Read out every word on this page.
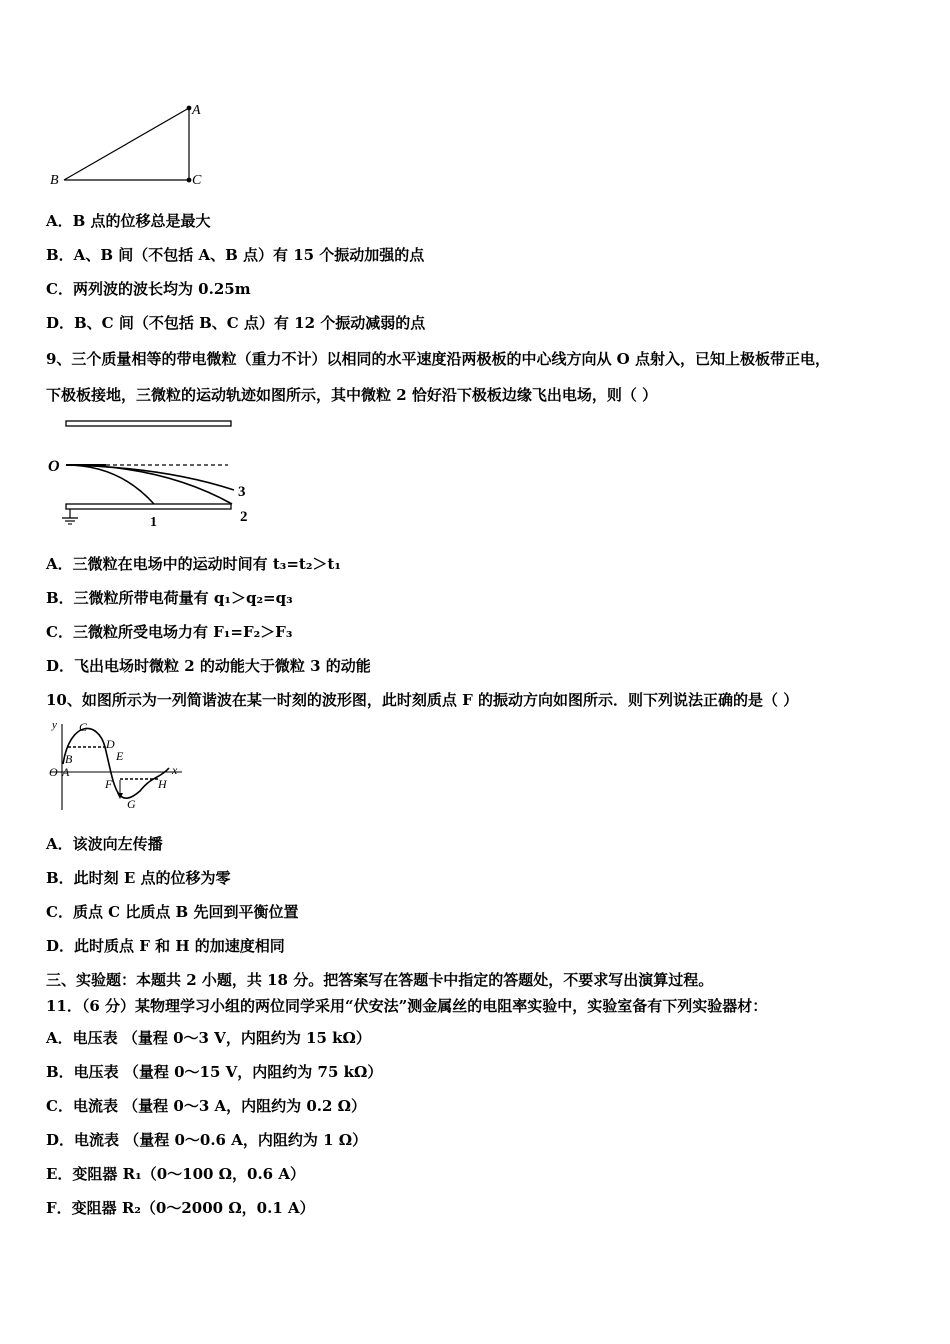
A
B	C
A．B 点的位移总是最大
B．A、B 间（不包括 A、B 点）有 15 个振动加强的点
C．两列波的波长均为 0.25m
D．B、C 间（不包括 B、C 点）有 12 个振动减弱的点
9、三个质量相等的带电微粒（重力不计）以相同的水平速度沿两极板的中心线方向从 O 点射入，已知上极板带正电，
下极板接地，三微粒的运动轨迹如图所示，其中微粒 2 恰好沿下极板边缘飞出电场，则（ ）
O
1	2
3
A．三微粒在电场中的运动时间有 t₃=t₂＞t₁
B．三微粒所带电荷量有 q₁＞q₂=q₃
C．三微粒所受电场力有 F₁=F₂＞F₃
D．飞出电场时微粒 2 的动能大于微粒 3 的动能
10、如图所示为一列简谐波在某一时刻的波形图，此时刻质点 F 的振动方向如图所示．则下列说法正确的是（ ）
y
x
O A
B
C
D
E
F
G
H
A．该波向左传播
B．此时刻 E 点的位移为零
C．质点 C 比质点 B 先回到平衡位置
D．此时质点 F 和 H 的加速度相同
三、实验题：本题共 2 小题，共 18 分。把答案写在答题卡中指定的答题处，不要求写出演算过程。
11．（6 分）某物理学习小组的两位同学采用“伏安法”测金属丝的电阻率实验中，实验室备有下列实验器材：
A．电压表 （量程 0～3 V，内阻约为 15 kΩ）
B．电压表 （量程 0～15 V，内阻约为 75 kΩ）
C．电流表 （量程 0～3 A，内阻约为 0.2 Ω）
D．电流表 （量程 0～0.6 A，内阻约为 1 Ω）
E．变阻器 R₁（0～100 Ω，0.6 A）
F．变阻器 R₂（0～2000 Ω，0.1 A）
